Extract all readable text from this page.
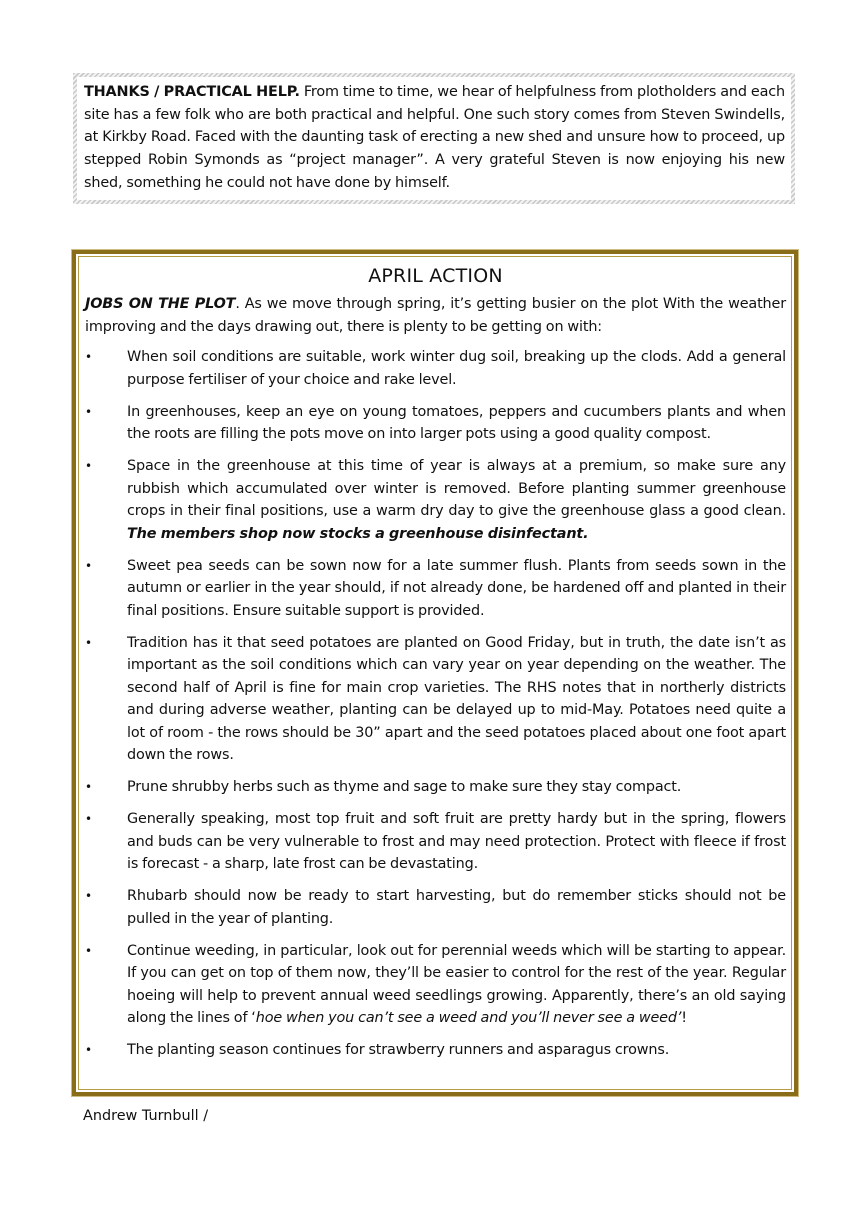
THANKS / PRACTICAL HELP. From time to time, we hear of helpfulness from plotholders and each site has a few folk who are both practical and helpful. One such story comes from Steven Swindells, at Kirkby Road. Faced with the daunting task of erecting a new shed and unsure how to proceed, up stepped Robin Symonds as “project manager”. A very grateful Steven is now enjoying his new shed, something he could not have done by himself.

APRIL ACTION

JOBS ON THE PLOT. As we move through spring, it’s getting busier on the plot With the weather improving and the days drawing out, there is plenty to be getting on with:

• When soil conditions are suitable, work winter dug soil, breaking up the clods. Add a general purpose fertiliser of your choice and rake level.
• In greenhouses, keep an eye on young tomatoes, peppers and cucumbers plants and when the roots are filling the pots move on into larger pots using a good quality compost.
• Space in the greenhouse at this time of year is always at a premium, so make sure any rubbish which accumulated over winter is removed. Before planting summer greenhouse crops in their final positions, use a warm dry day to give the greenhouse glass a good clean. The members shop now stocks a greenhouse disinfectant.
• Sweet pea seeds can be sown now for a late summer flush. Plants from seeds sown in the autumn or earlier in the year should, if not already done, be hardened off and planted in their final positions. Ensure suitable support is provided.
• Tradition has it that seed potatoes are planted on Good Friday, but in truth, the date isn’t as important as the soil conditions which can vary year on year depending on the weather. The second half of April is fine for main crop varieties. The RHS notes that in northerly districts and during adverse weather, planting can be delayed up to mid-May. Potatoes need quite a lot of room - the rows should be 30” apart and the seed potatoes placed about one foot apart down the rows.
• Prune shrubby herbs such as thyme and sage to make sure they stay compact.
• Generally speaking, most top fruit and soft fruit are pretty hardy but in the spring, flowers and buds can be very vulnerable to frost and may need protection. Protect with fleece if frost is forecast - a sharp, late frost can be devastating.
• Rhubarb should now be ready to start harvesting, but do remember sticks should not be pulled in the year of planting.
• Continue weeding, in particular, look out for perennial weeds which will be starting to appear. If you can get on top of them now, they’ll be easier to control for the rest of the year. Regular hoeing will help to prevent annual weed seedlings growing. Apparently, there’s an old saying along the lines of ‘hoe when you can’t see a weed and you’ll never see a weed’!
• The planting season continues for strawberry runners and asparagus crowns.
Andrew Turnbull /
